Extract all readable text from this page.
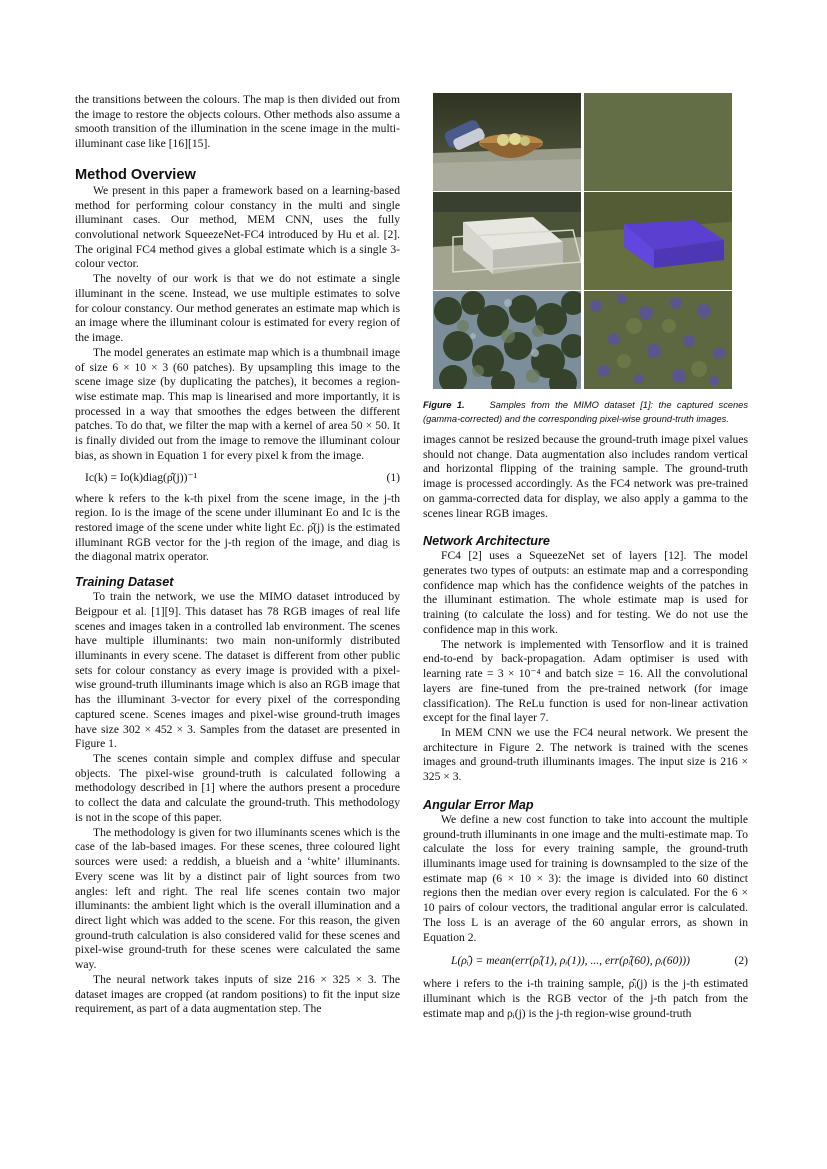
the transitions between the colours. The map is then divided out from the image to restore the objects colours. Other methods also assume a smooth transition of the illumination in the scene image in the multi-illuminant case like [16][15].

Method Overview

We present in this paper a framework based on a learning-based method for performing colour constancy in the multi and single illuminant cases. Our method, MEM CNN, uses the fully convolutional network SqueezeNet-FC4 introduced by Hu et al. [2]. The original FC4 method gives a global estimate which is a single 3-colour vector.

The novelty of our work is that we do not estimate a single illuminant in the scene. Instead, we use multiple estimates to solve for colour constancy. Our method generates an estimate map which is an image where the illuminant colour is estimated for every region of the image.

The model generates an estimate map which is a thumbnail image of size 6 × 10 × 3 (60 patches). By upsampling this image to the scene image size (by duplicating the patches), it becomes a region-wise estimate map. This map is linearised and more importantly, it is processed in a way that smoothes the edges between the different patches. To do that, we filter the map with a kernel of area 50 × 50. It is finally divided out from the image to remove the illuminant colour bias, as shown in Equation 1 for every pixel k from the image.

Ic(k) = Io(k)diag(ρ̂(j))⁻¹	(1)

where k refers to the k-th pixel from the scene image, in the j-th region. Io is the image of the scene under illuminant Eo and Ic is the restored image of the scene under white light Ec. ρ̂(j) is the estimated illuminant RGB vector for the j-th region of the image, and diag is the diagonal matrix operator.

Training Dataset

To train the network, we use the MIMO dataset introduced by Beigpour et al. [1][9]. This dataset has 78 RGB images of real life scenes and images taken in a controlled lab environment. The scenes have multiple illuminants: two main non-uniformly distributed illuminants in every scene. The dataset is different from other public sets for colour constancy as every image is provided with a pixel-wise ground-truth illuminants image which is also an RGB image that has the illuminant 3-vector for every pixel of the corresponding captured scene. Scenes images and pixel-wise ground-truth images have size 302 × 452 × 3. Samples from the dataset are presented in Figure 1.

The scenes contain simple and complex diffuse and specular objects. The pixel-wise ground-truth is calculated following a methodology described in [1] where the authors present a procedure to collect the data and calculate the ground-truth. This methodology is not in the scope of this paper.

The methodology is given for two illuminants scenes which is the case of the lab-based images. For these scenes, three coloured light sources were used: a reddish, a blueish and a ‘white’ illuminants. Every scene was lit by a distinct pair of light sources from two angles: left and right. The real life scenes contain two major illuminants: the ambient light which is the overall illumination and a direct light which was added to the scene. For this reason, the given ground-truth calculation is also considered valid for these scenes and pixel-wise ground-truth for these scenes were calculated the same way.

The neural network takes inputs of size 216 × 325 × 3. The dataset images are cropped (at random positions) to fit the input size requirement, as part of a data augmentation step. The

Figure 1.	Samples from the MIMO dataset [1]: the captured scenes (gamma-corrected) and the corresponding pixel-wise ground-truth images.

images cannot be resized because the ground-truth image pixel values should not change. Data augmentation also includes random vertical and horizontal flipping of the training sample. The ground-truth image is processed accordingly. As the FC4 network was pre-trained on gamma-corrected data for display, we also apply a gamma to the scenes linear RGB images.

Network Architecture

FC4 [2] uses a SqueezeNet set of layers [12]. The model generates two types of outputs: an estimate map and a corresponding confidence map which has the confidence weights of the patches in the illuminant estimation. The whole estimate map is used for training (to calculate the loss) and for testing. We do not use the confidence map in this work.

The network is implemented with Tensorflow and it is trained end-to-end by back-propagation. Adam optimiser is used with learning rate = 3 × 10⁻⁴ and batch size = 16. All the convolutional layers are fine-tuned from the pre-trained network (for image classification). The ReLu function is used for non-linear activation except for the final layer 7.

In MEM CNN we use the FC4 neural network. We present the architecture in Figure 2. The network is trained with the scenes images and ground-truth illuminants images. The input size is 216 × 325 × 3.

Angular Error Map

We define a new cost function to take into account the multiple ground-truth illuminants in one image and the multi-estimate map. To calculate the loss for every training sample, the ground-truth illuminants image used for training is downsampled to the size of the estimate map (6 × 10 × 3): the image is divided into 60 distinct regions then the median over every region is calculated. For the 6 × 10 pairs of colour vectors, the traditional angular error is calculated. The loss L is an average of the 60 angular errors, as shown in Equation 2.

L(ρ̂ᵢ) = mean(err(ρ̂ᵢ(1), ρᵢ(1)), ..., err(ρ̂ᵢ(60), ρᵢ(60)))	(2)

where i refers to the i-th training sample, ρ̂ᵢ(j) is the j-th estimated illuminant which is the RGB vector of the j-th patch from the estimate map and ρᵢ(j) is the j-th region-wise ground-truth
